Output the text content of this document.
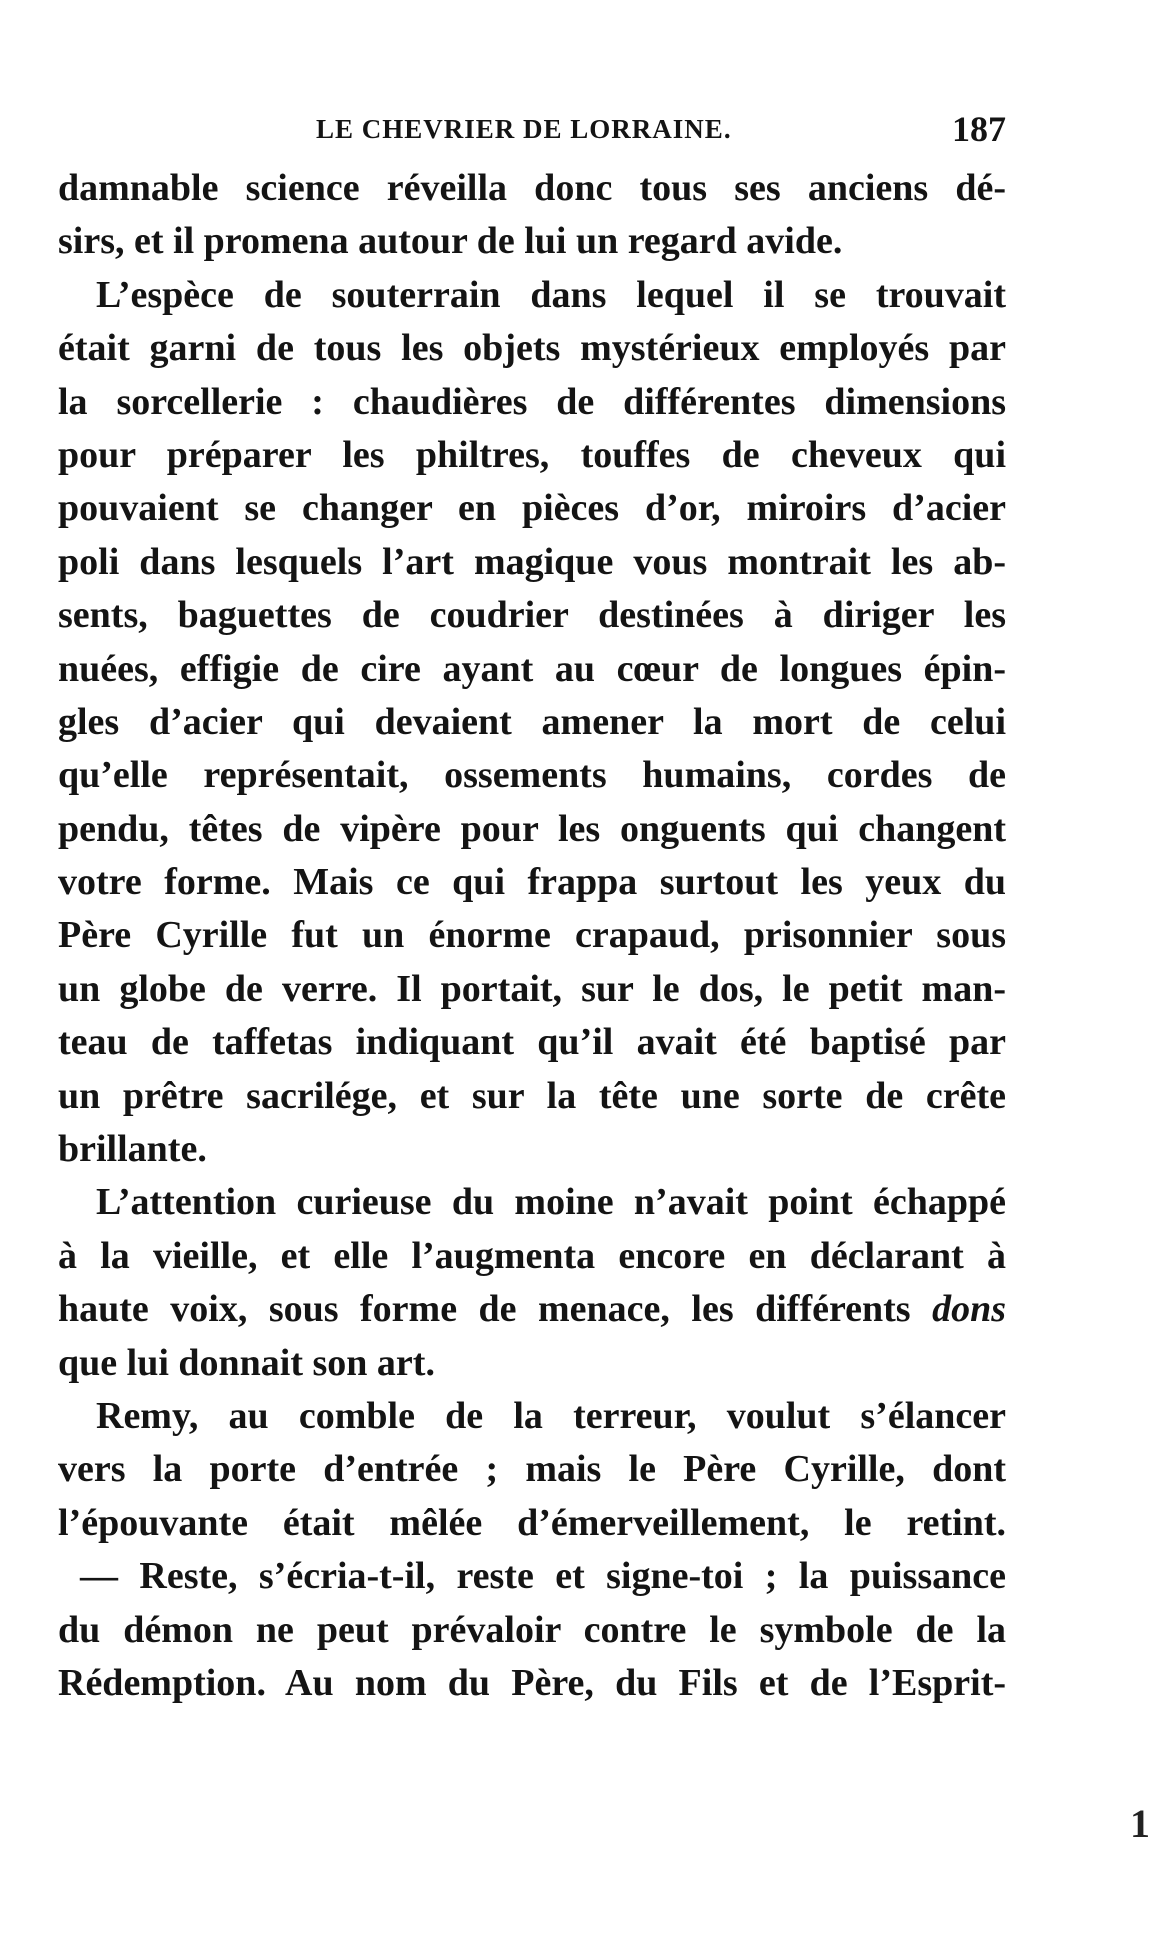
LE CHEVRIER DE LORRAINE.	187
damnable science réveilla donc tous ses anciens dé-
sirs, et il promena autour de lui un regard avide.
L’espèce de souterrain dans lequel il se trouvait
était garni de tous les objets mystérieux employés par
la sorcellerie : chaudières de différentes dimensions
pour préparer les philtres, touffes de cheveux qui
pouvaient se changer en pièces d’or, miroirs d’acier
poli dans lesquels l’art magique vous montrait les ab-
sents, baguettes de coudrier destinées à diriger les
nuées, effigie de cire ayant au cœur de longues épin-
gles d’acier qui devaient amener la mort de celui
qu’elle représentait, ossements humains, cordes de
pendu, têtes de vipère pour les onguents qui changent
votre forme. Mais ce qui frappa surtout les yeux du
Père Cyrille fut un énorme crapaud, prisonnier sous
un globe de verre. Il portait, sur le dos, le petit man-
teau de taffetas indiquant qu’il avait été baptisé par
un prêtre sacrilége, et sur la tête une sorte de crête
brillante.
L’attention curieuse du moine n’avait point échappé
à la vieille, et elle l’augmenta encore en déclarant à
haute voix, sous forme de menace, les différents dons
que lui donnait son art.
Remy, au comble de la terreur, voulut s’élancer
vers la porte d’entrée ; mais le Père Cyrille, dont
l’épouvante était mêlée d’émerveillement, le retint.
— Reste, s’écria-t-il, reste et signe-toi ; la puissance
du démon ne peut prévaloir contre le symbole de la
Rédemption. Au nom du Père, du Fils et de l’Esprit-
1
